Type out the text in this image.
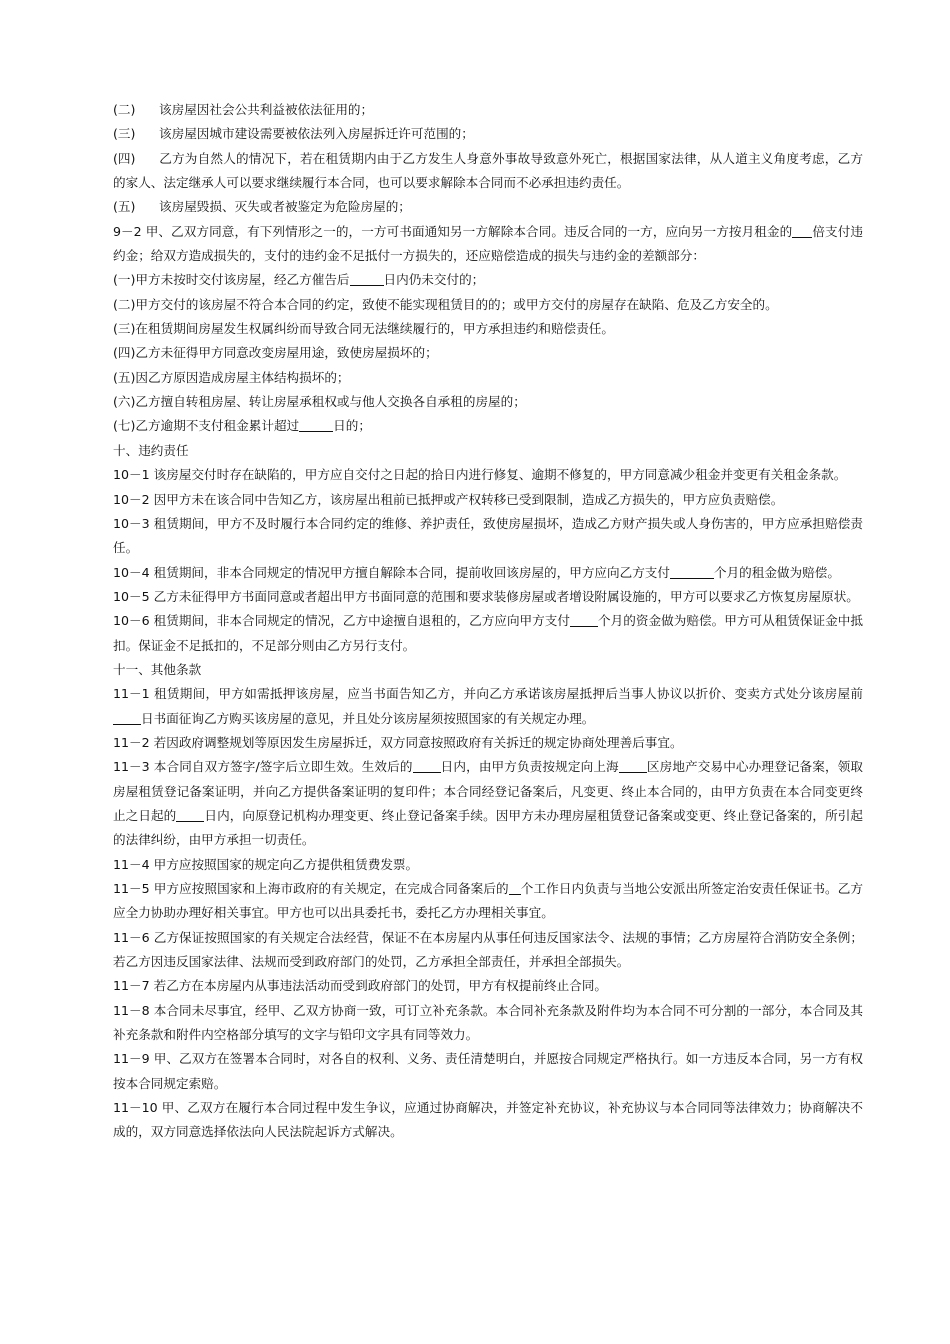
(二) 该房屋因社会公共利益被依法征用的；

(三) 该房屋因城市建设需要被依法列入房屋拆迁许可范围的；

(四) 乙方为自然人的情况下，若在租赁期内由于乙方发生人身意外事故导致意外死亡，根据国家法律，从人道主义角度考虑，乙方的家人、法定继承人可以要求继续履行本合同，也可以要求解除本合同而不必承担违约责任。

(五) 该房屋毁损、灭失或者被鉴定为危险房屋的；

9－2 甲、乙双方同意，有下列情形之一的，一方可书面通知另一方解除本合同。违反合同的一方，应向另一方按月租金的 倍支付违约金；给双方造成损失的，支付的违约金不足抵付一方损失的，还应赔偿造成的损失与违约金的差额部分：

(一)甲方未按时交付该房屋，经乙方催告后	日内仍未交付的；

(二)甲方交付的该房屋不符合本合同的约定，致使不能实现租赁目的的；或甲方交付的房屋存在缺陷、危及乙方安全的。

(三)在租赁期间房屋发生权属纠纷而导致合同无法继续履行的，甲方承担违约和赔偿责任。

(四)乙方未征得甲方同意改变房屋用途，致使房屋损坏的；

(五)因乙方原因造成房屋主体结构损坏的；

(六)乙方擅自转租房屋、转让房屋承租权或与他人交换各自承租的房屋的；

(七)乙方逾期不支付租金累计超过	日的；

十、违约责任

10－1 该房屋交付时存在缺陷的，甲方应自交付之日起的拾日内进行修复、逾期不修复的，甲方同意减少租金并变更有关租金条款。

10－2 因甲方未在该合同中告知乙方，该房屋出租前已抵押或产权转移已受到限制，造成乙方损失的，甲方应负责赔偿。

10－3 租赁期间，甲方不及时履行本合同约定的维修、养护责任，致使房屋损坏，造成乙方财产损失或人身伤害的，甲方应承担赔偿责任。

10－4 租赁期间，非本合同规定的情况甲方擅自解除本合同，提前收回该房屋的，甲方应向乙方支付	个月的租金做为赔偿。

10－5 乙方未征得甲方书面同意或者超出甲方书面同意的范围和要求装修房屋或者增设附属设施的，甲方可以要求乙方恢复房屋原状。

10－6 租赁期间，非本合同规定的情况，乙方中途擅自退租的，乙方应向甲方支付 个月的资金做为赔偿。甲方可从租赁保证金中抵扣。保证金不足抵扣的，不足部分则由乙方另行支付。

十一、其他条款

11－1 租赁期间，甲方如需抵押该房屋，应当书面告知乙方，并向乙方承诺该房屋抵押后当事人协议以折价、变卖方式处分该房屋前日书面征询乙方购买该房屋的意见，并且处分该房屋须按照国家的有关规定办理。

11－2 若因政府调整规划等原因发生房屋拆迁，双方同意按照政府有关拆迁的规定协商处理善后事宜。

11－3 本合同自双方签字/签字后立即生效。生效后的 日内，由甲方负责按规定向上海 区房地产交易中心办理登记备案，领取房屋租赁登记备案证明，并向乙方提供备案证明的复印件；本合同经登记备案后，凡变更、终止本合同的，由甲方负责在本合同变更终止之日起的 日内，向原登记机构办理变更、终止登记备案手续。因甲方未办理房屋租赁登记备案或变更、终止登记备案的，所引起的法律纠纷，由甲方承担一切责任。

11－4 甲方应按照国家的规定向乙方提供租赁费发票。

11－5 甲方应按照国家和上海市政府的有关规定，在完成合同备案后的 个工作日内负责与当地公安派出所签定治安责任保证书。乙方应全力协助办理好相关事宜。甲方也可以出具委托书，委托乙方办理相关事宜。

11－6 乙方保证按照国家的有关规定合法经营，保证不在本房屋内从事任何违反国家法令、法规的事情；乙方房屋符合消防安全条例；若乙方因违反国家法律、法规而受到政府部门的处罚，乙方承担全部责任，并承担全部损失。

11－7 若乙方在本房屋内从事违法活动而受到政府部门的处罚，甲方有权提前终止合同。

11－8 本合同未尽事宜，经甲、乙双方协商一致，可订立补充条款。本合同补充条款及附件均为本合同不可分割的一部分，本合同及其补充条款和附件内空格部分填写的文字与铅印文字具有同等效力。

11－9 甲、乙双方在签署本合同时，对各自的权利、义务、责任清楚明白，并愿按合同规定严格执行。如一方违反本合同，另一方有权按本合同规定索赔。

11－10 甲、乙双方在履行本合同过程中发生争议，应通过协商解决，并签定补充协议，补充协议与本合同同等法律效力；协商解决不成的，双方同意选择依法向人民法院起诉方式解决。
